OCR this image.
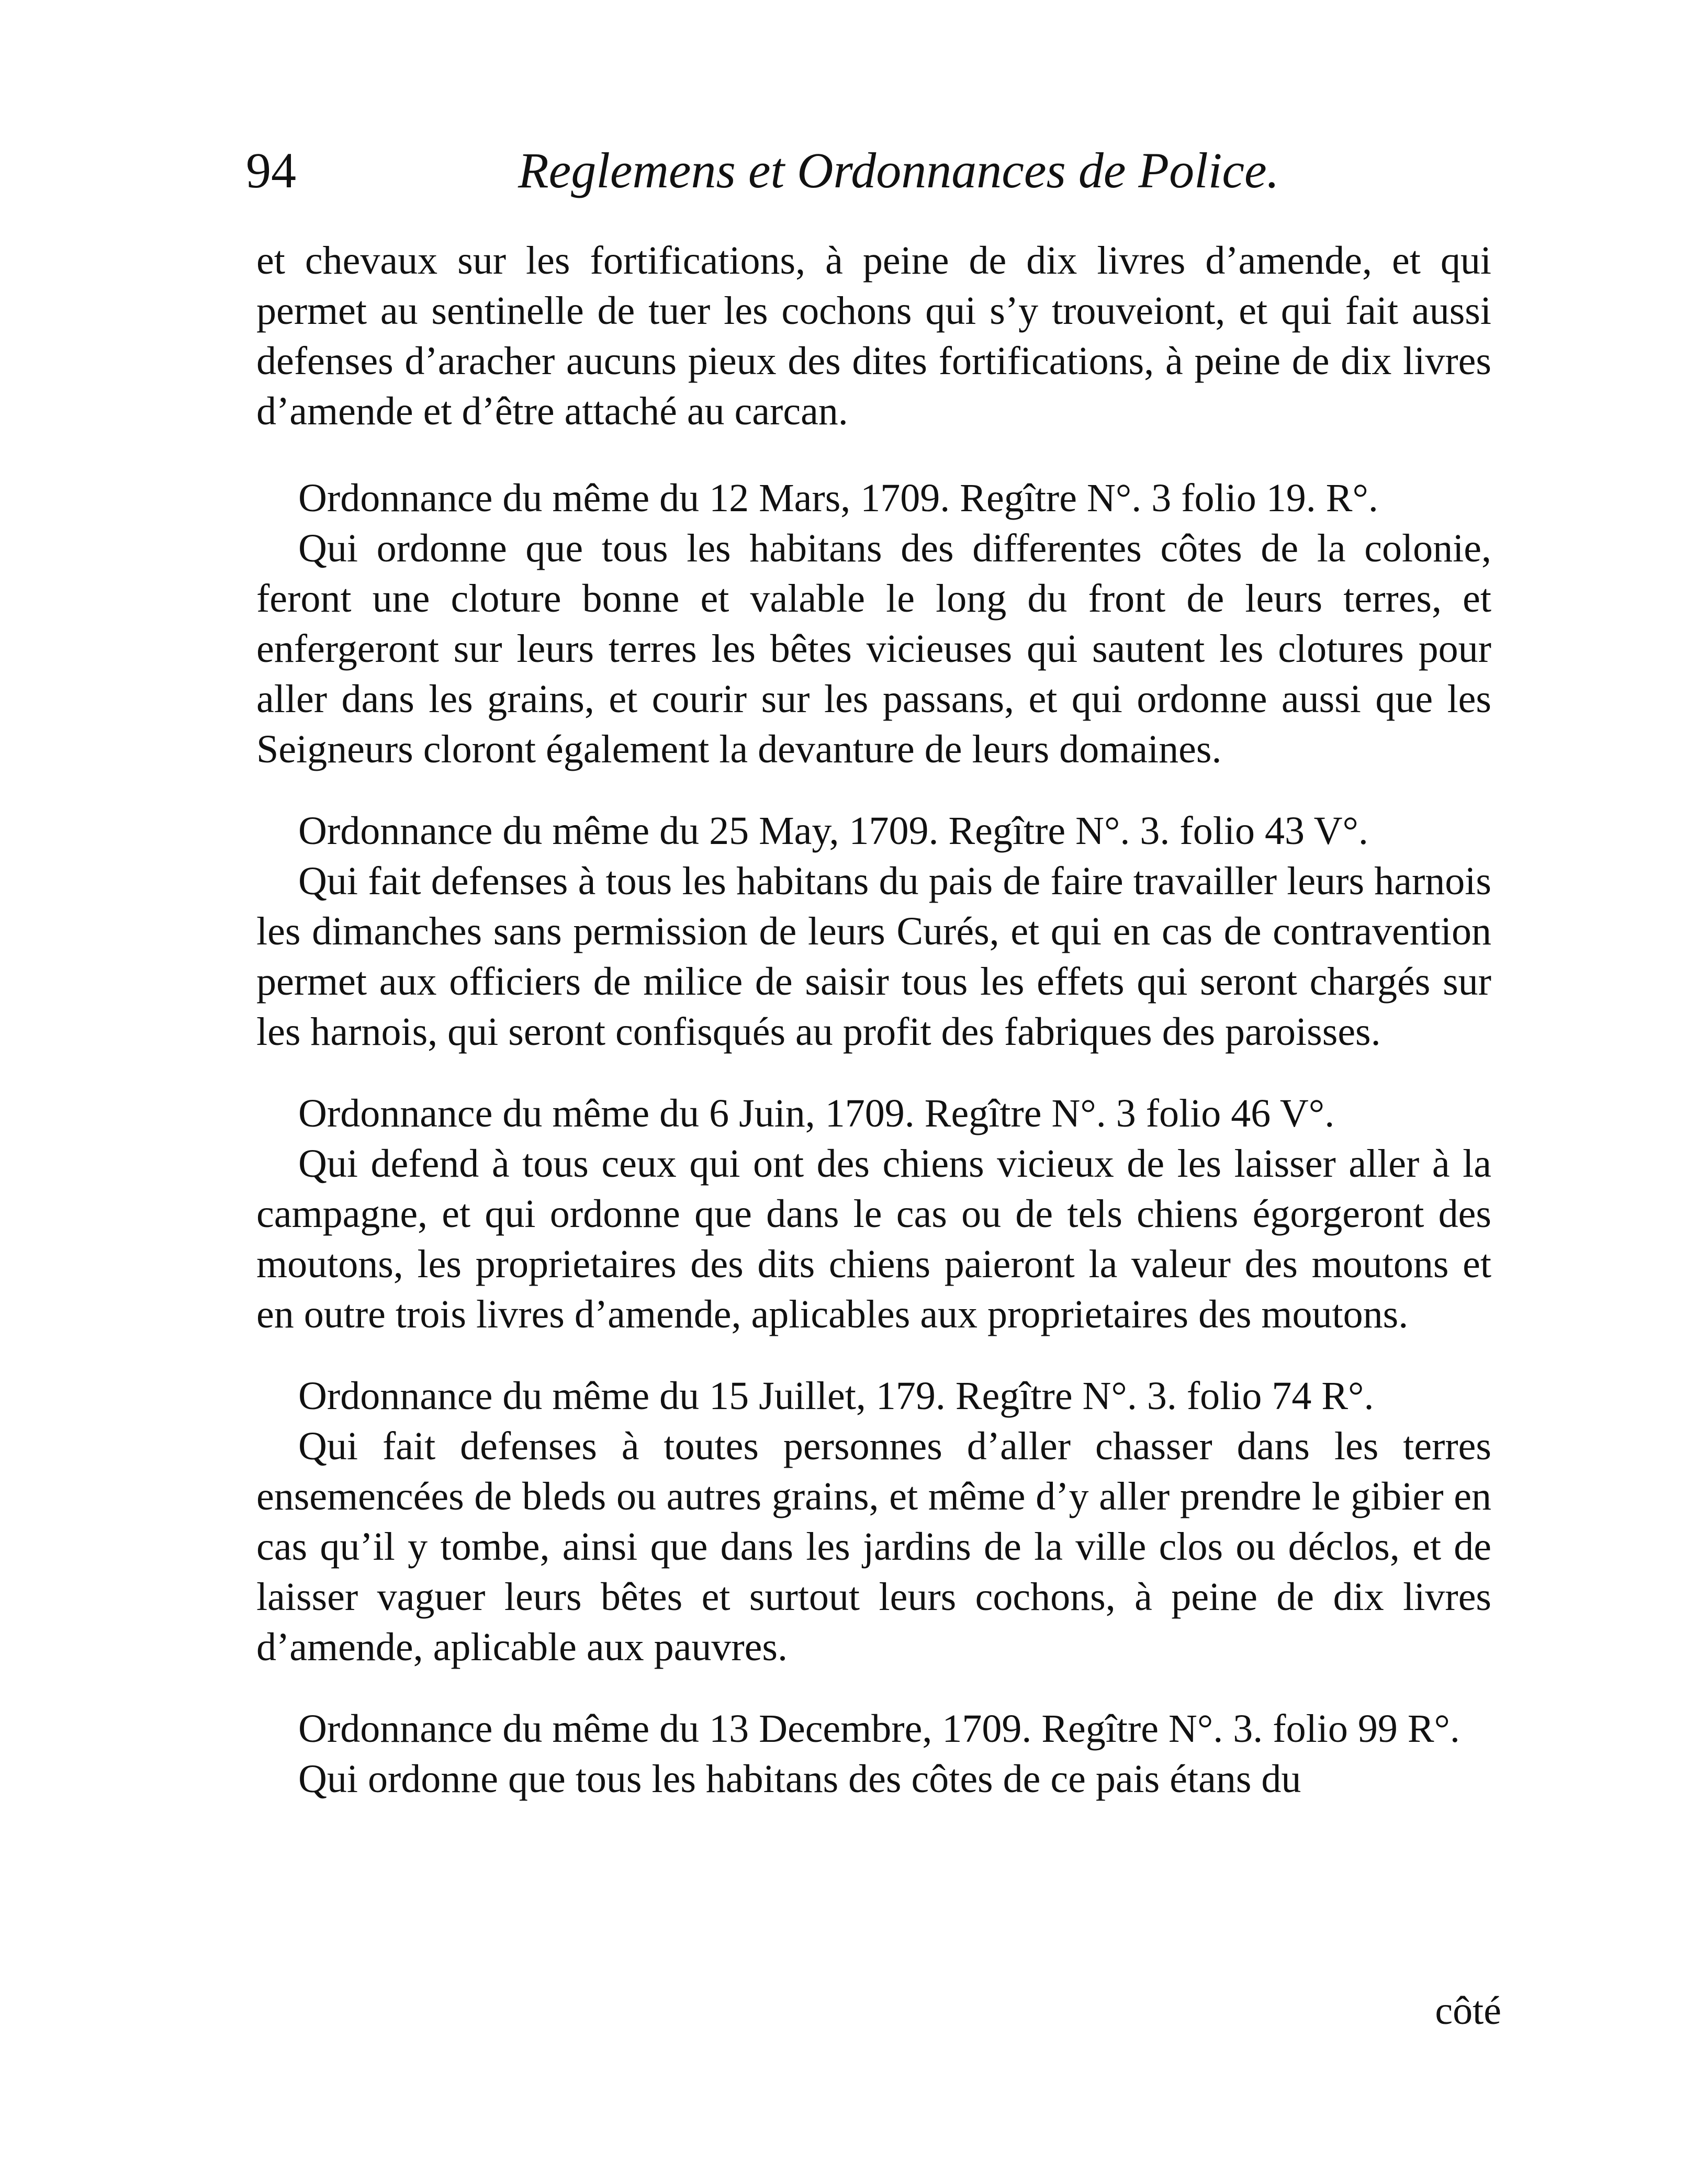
94	Reglemens et Ordonnances de Police.

et chevaux sur les fortifications, à peine de dix livres d’amende, et qui permet au sentinelle de tuer les cochons qui s’y trouveiont, et qui fait aussi defenses d’aracher aucuns pieux des dites fortifications, à peine de dix livres d’amende et d’être attaché au carcan.

Ordonnance du même du 12 Mars, 1709. Regître N°. 3 folio 19. R°.

Qui ordonne que tous les habitans des differentes côtes de la colonie, feront une cloture bonne et valable le long du front de leurs terres, et enfergeront sur leurs terres les bêtes vicieuses qui sautent les clotures pour aller dans les grains, et courir sur les passans, et qui ordonne aussi que les Seigneurs cloront également la devanture de leurs domaines.

Ordonnance du même du 25 May, 1709. Regître N°. 3. folio 43 V°.

Qui fait defenses à tous les habitans du pais de faire travailler leurs harnois les dimanches sans permission de leurs Curés, et qui en cas de contravention permet aux officiers de milice de saisir tous les effets qui seront chargés sur les harnois, qui seront confisqués au profit des fabriques des paroisses.

Ordonnance du même du 6 Juin, 1709. Regître N°. 3 folio 46 V°.

Qui defend à tous ceux qui ont des chiens vicieux de les laisser aller à la campagne, et qui ordonne que dans le cas ou de tels chiens égorgeront des moutons, les proprietaires des dits chiens paieront la valeur des moutons et en outre trois livres d’amende, aplicables aux proprietaires des moutons.

Ordonnance du même du 15 Juillet, 179. Regître N°. 3. folio 74 R°.

Qui fait defenses à toutes personnes d’aller chasser dans les terres ensemencées de bleds ou autres grains, et même d’y aller prendre le gibier en cas qu’il y tombe, ainsi que dans les jardins de la ville clos ou déclos, et de laisser vaguer leurs bêtes et surtout leurs cochons, à peine de dix livres d’amende, aplicable aux pauvres.

Ordonnance du même du 13 Decembre, 1709. Regître N°. 3. folio 99 R°.

Qui ordonne que tous les habitans des côtes de ce pais étans du

côté
